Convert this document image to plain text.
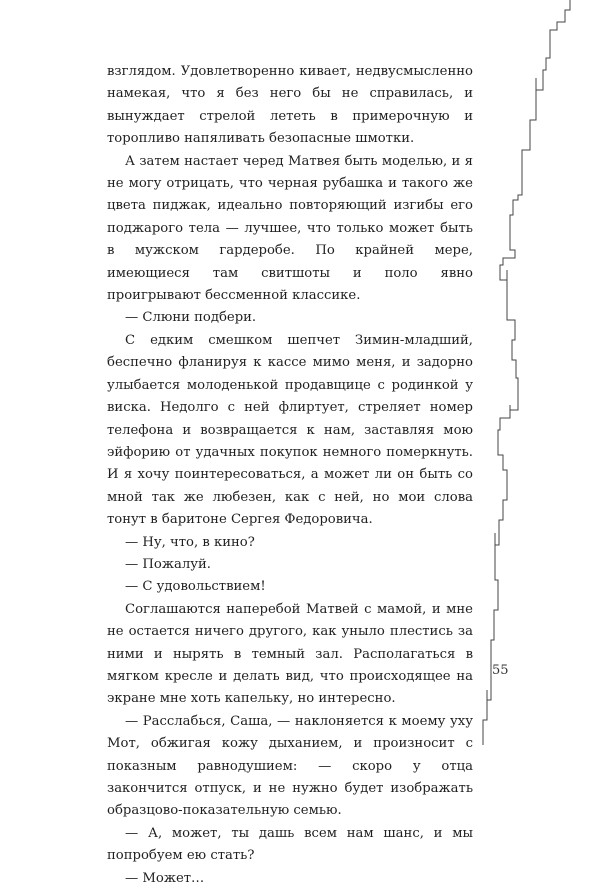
взглядом. Удовлетворенно кивает, недвусмысленно намекая, что я без него бы не справилась, и вынуждает стрелой лететь в примерочную и торопливо напяливать безопасные шмотки.

А затем настает черед Матвея быть моделью, и я не могу отрицать, что черная рубашка и такого же цвета пиджак, идеально повторяющий изгибы его поджарого тела — лучшее, что только может быть в мужском гардеробе. По крайней мере, имеющиеся там свитшоты и поло явно проигрывают бессменной классике.

— Слюни подбери.

С едким смешком шепчет Зимин-младший, беспечно фланируя к кассе мимо меня, и задорно улыбается молоденькой продавщице с родинкой у виска. Недолго с ней флиртует, стреляет номер телефона и возвращается к нам, заставляя мою эйфорию от удачных покупок немного померкнуть. И я хочу поинтересоваться, а может ли он быть со мной так же любезен, как с ней, но мои слова тонут в баритоне Сергея Федоровича.

— Ну, что, в кино?

— Пожалуй.

— С удовольствием!

Соглашаются наперебой Матвей с мамой, и мне не остается ничего другого, как уныло плестись за ними и нырять в темный зал. Располагаться в мягком кресле и делать вид, что происходящее на экране мне хоть капельку, но интересно.

— Расслабься, Саша, — наклоняется к моему уху Мот, обжигая кожу дыханием, и произносит с показным равнодушием: — скоро у отца закончится отпуск, и не нужно будет изображать образцово-показательную семью.

— А, может, ты дашь всем нам шанс, и мы попробуем ею стать?

— Может…

55
